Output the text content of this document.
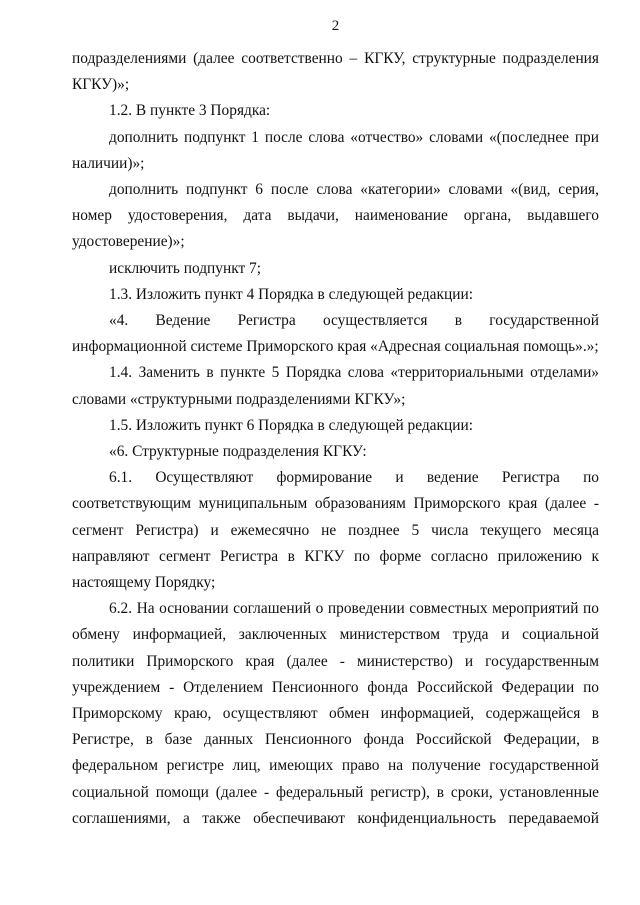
2

подразделениями (далее соответственно – КГКУ, структурные подразделения КГКУ)»;

1.2. В пункте 3 Порядка:

дополнить подпункт 1 после слова «отчество» словами «(последнее при наличии)»;

дополнить подпункт 6 после слова «категории» словами «(вид, серия, номер удостоверения, дата выдачи, наименование органа, выдавшего удостоверение)»;

исключить подпункт 7;

1.3. Изложить пункт 4 Порядка в следующей редакции:

«4. Ведение Регистра осуществляется в государственной информационной системе Приморского края «Адресная социальная помощь».»;

1.4. Заменить в пункте 5 Порядка слова «территориальными отделами» словами «структурными подразделениями КГКУ»;

1.5. Изложить пункт 6 Порядка в следующей редакции:

«6. Структурные подразделения КГКУ:

6.1. Осуществляют формирование и ведение Регистра по соответствующим муниципальным образованиям Приморского края (далее - сегмент Регистра) и ежемесячно не позднее 5 числа текущего месяца направляют сегмент Регистра в КГКУ по форме согласно приложению к настоящему Порядку;

6.2. На основании соглашений о проведении совместных мероприятий по обмену информацией, заключенных министерством труда и социальной политики Приморского края (далее - министерство) и государственным учреждением - Отделением Пенсионного фонда Российской Федерации по Приморскому краю, осуществляют обмен информацией, содержащейся в Регистре, в базе данных Пенсионного фонда Российской Федерации, в федеральном регистре лиц, имеющих право на получение государственной социальной помощи (далее - федеральный регистр), в сроки, установленные соглашениями, а также обеспечивают конфиденциальность передаваемой
